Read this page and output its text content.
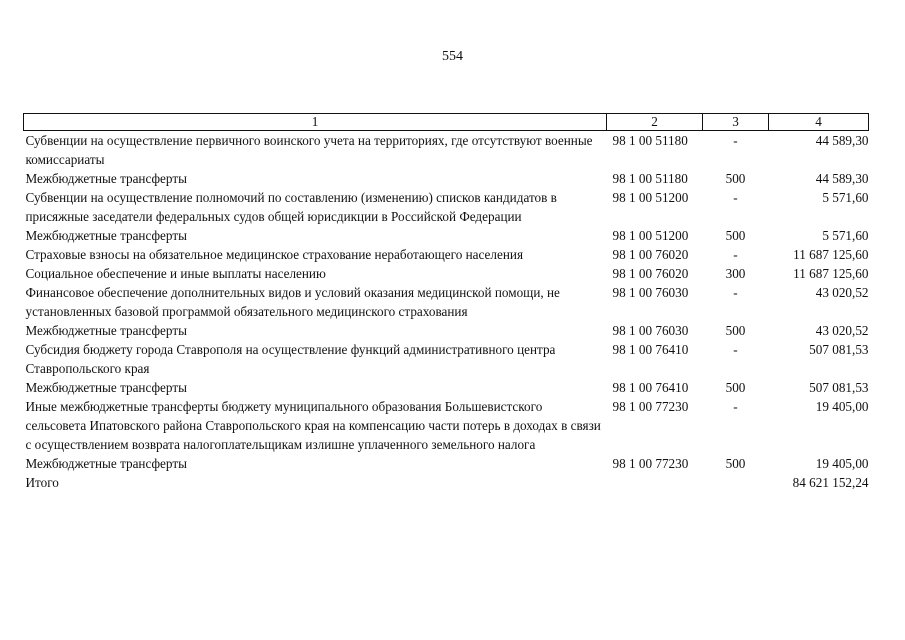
554
1	2	3	4
Субвенции на осуществление первичного воинского учета на территориях, где отсутствуют военные комиссариаты	98 1 00 51180	-	44 589,30
Межбюджетные трансферты	98 1 00 51180	500	44 589,30
Субвенции на осуществление полномочий по составлению (изменению) списков кандидатов в присяжные заседатели федеральных судов общей юрисдикции в Российской Федерации	98 1 00 51200	-	5 571,60
Межбюджетные трансферты	98 1 00 51200	500	5 571,60
Страховые взносы на обязательное медицинское страхование неработающего населения	98 1 00 76020	-	11 687 125,60
Социальное обеспечение и иные выплаты населению	98 1 00 76020	300	11 687 125,60
Финансовое обеспечение дополнительных видов и условий оказания медицинской помощи, не установленных базовой программой обязательного медицинского страхования	98 1 00 76030	-	43 020,52
Межбюджетные трансферты	98 1 00 76030	500	43 020,52
Субсидия бюджету города Ставрополя на осуществление функций административного центра Ставропольского края	98 1 00 76410	-	507 081,53
Межбюджетные трансферты	98 1 00 76410	500	507 081,53
Иные межбюджетные трансферты бюджету муниципального образования Большевистского сельсовета Ипатовского района Ставропольского края на компенсацию части потерь в доходах в связи с осуществлением возврата налогоплательщикам излишне уплаченного земельного налога	98 1 00 77230	-	19 405,00
Межбюджетные трансферты	98 1 00 77230	500	19 405,00
Итого			84 621 152,24
